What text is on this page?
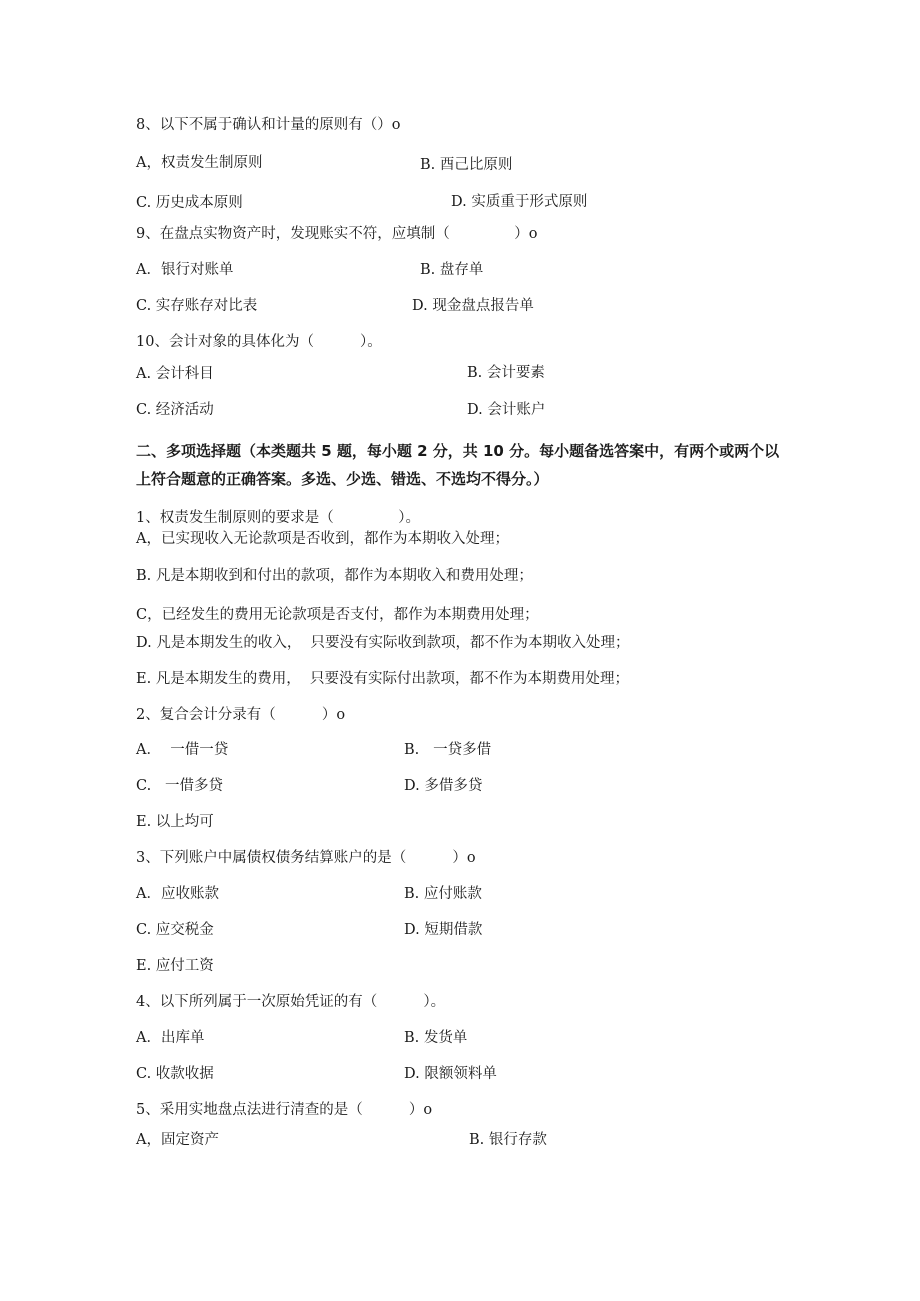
8、以下不属于确认和计量的原则有（）o
A，权责发生制原则	B. 酉己比原则
C. 历史成本原则	D. 实质重于形式原则
9、在盘点实物资产时，发现账实不符，应填制（              ）o
A．银行对账单	B. 盘存单
C. 实存账存对比表	D. 现金盘点报告单
10、会计对象的具体化为（          ）。
A. 会计科目	B. 会计要素
C. 经济活动	D. 会计账户
二、多项选择题（本类题共 5 题，每小题 2 分，共 10 分。每小题备选答案中，有两个或两个以
上符合题意的正确答案。多选、少选、错选、不选均不得分。）
1、权责发生制原则的要求是（              ）。
A，已实现收入无论款项是否收到，都作为本期收入处理；
B. 凡是本期收到和付出的款项，都作为本期收入和费用处理；
C，已经发生的费用无论款项是否支付，都作为本期费用处理；
D. 凡是本期发生的收入，  只要没有实际收到款项，都不作为本期收入处理；
E. 凡是本期发生的费用，  只要没有实际付出款项，都不作为本期费用处理；
2、复合会计分录有（          ）o
A．  一借一贷	B.   一贷多借
C.   一借多贷	D. 多借多贷
E. 以上均可
3、下列账户中属债权债务结算账户的是（          ）o
A．应收账款	B. 应付账款
C. 应交税金	D. 短期借款
E. 应付工资
4、以下所列属于一次原始凭证的有（          ）。
A．出库单	B. 发货单
C. 收款收据	D. 限额领料单
5、采用实地盘点法进行清查的是（          ）o
A，固定资产	B. 银行存款
